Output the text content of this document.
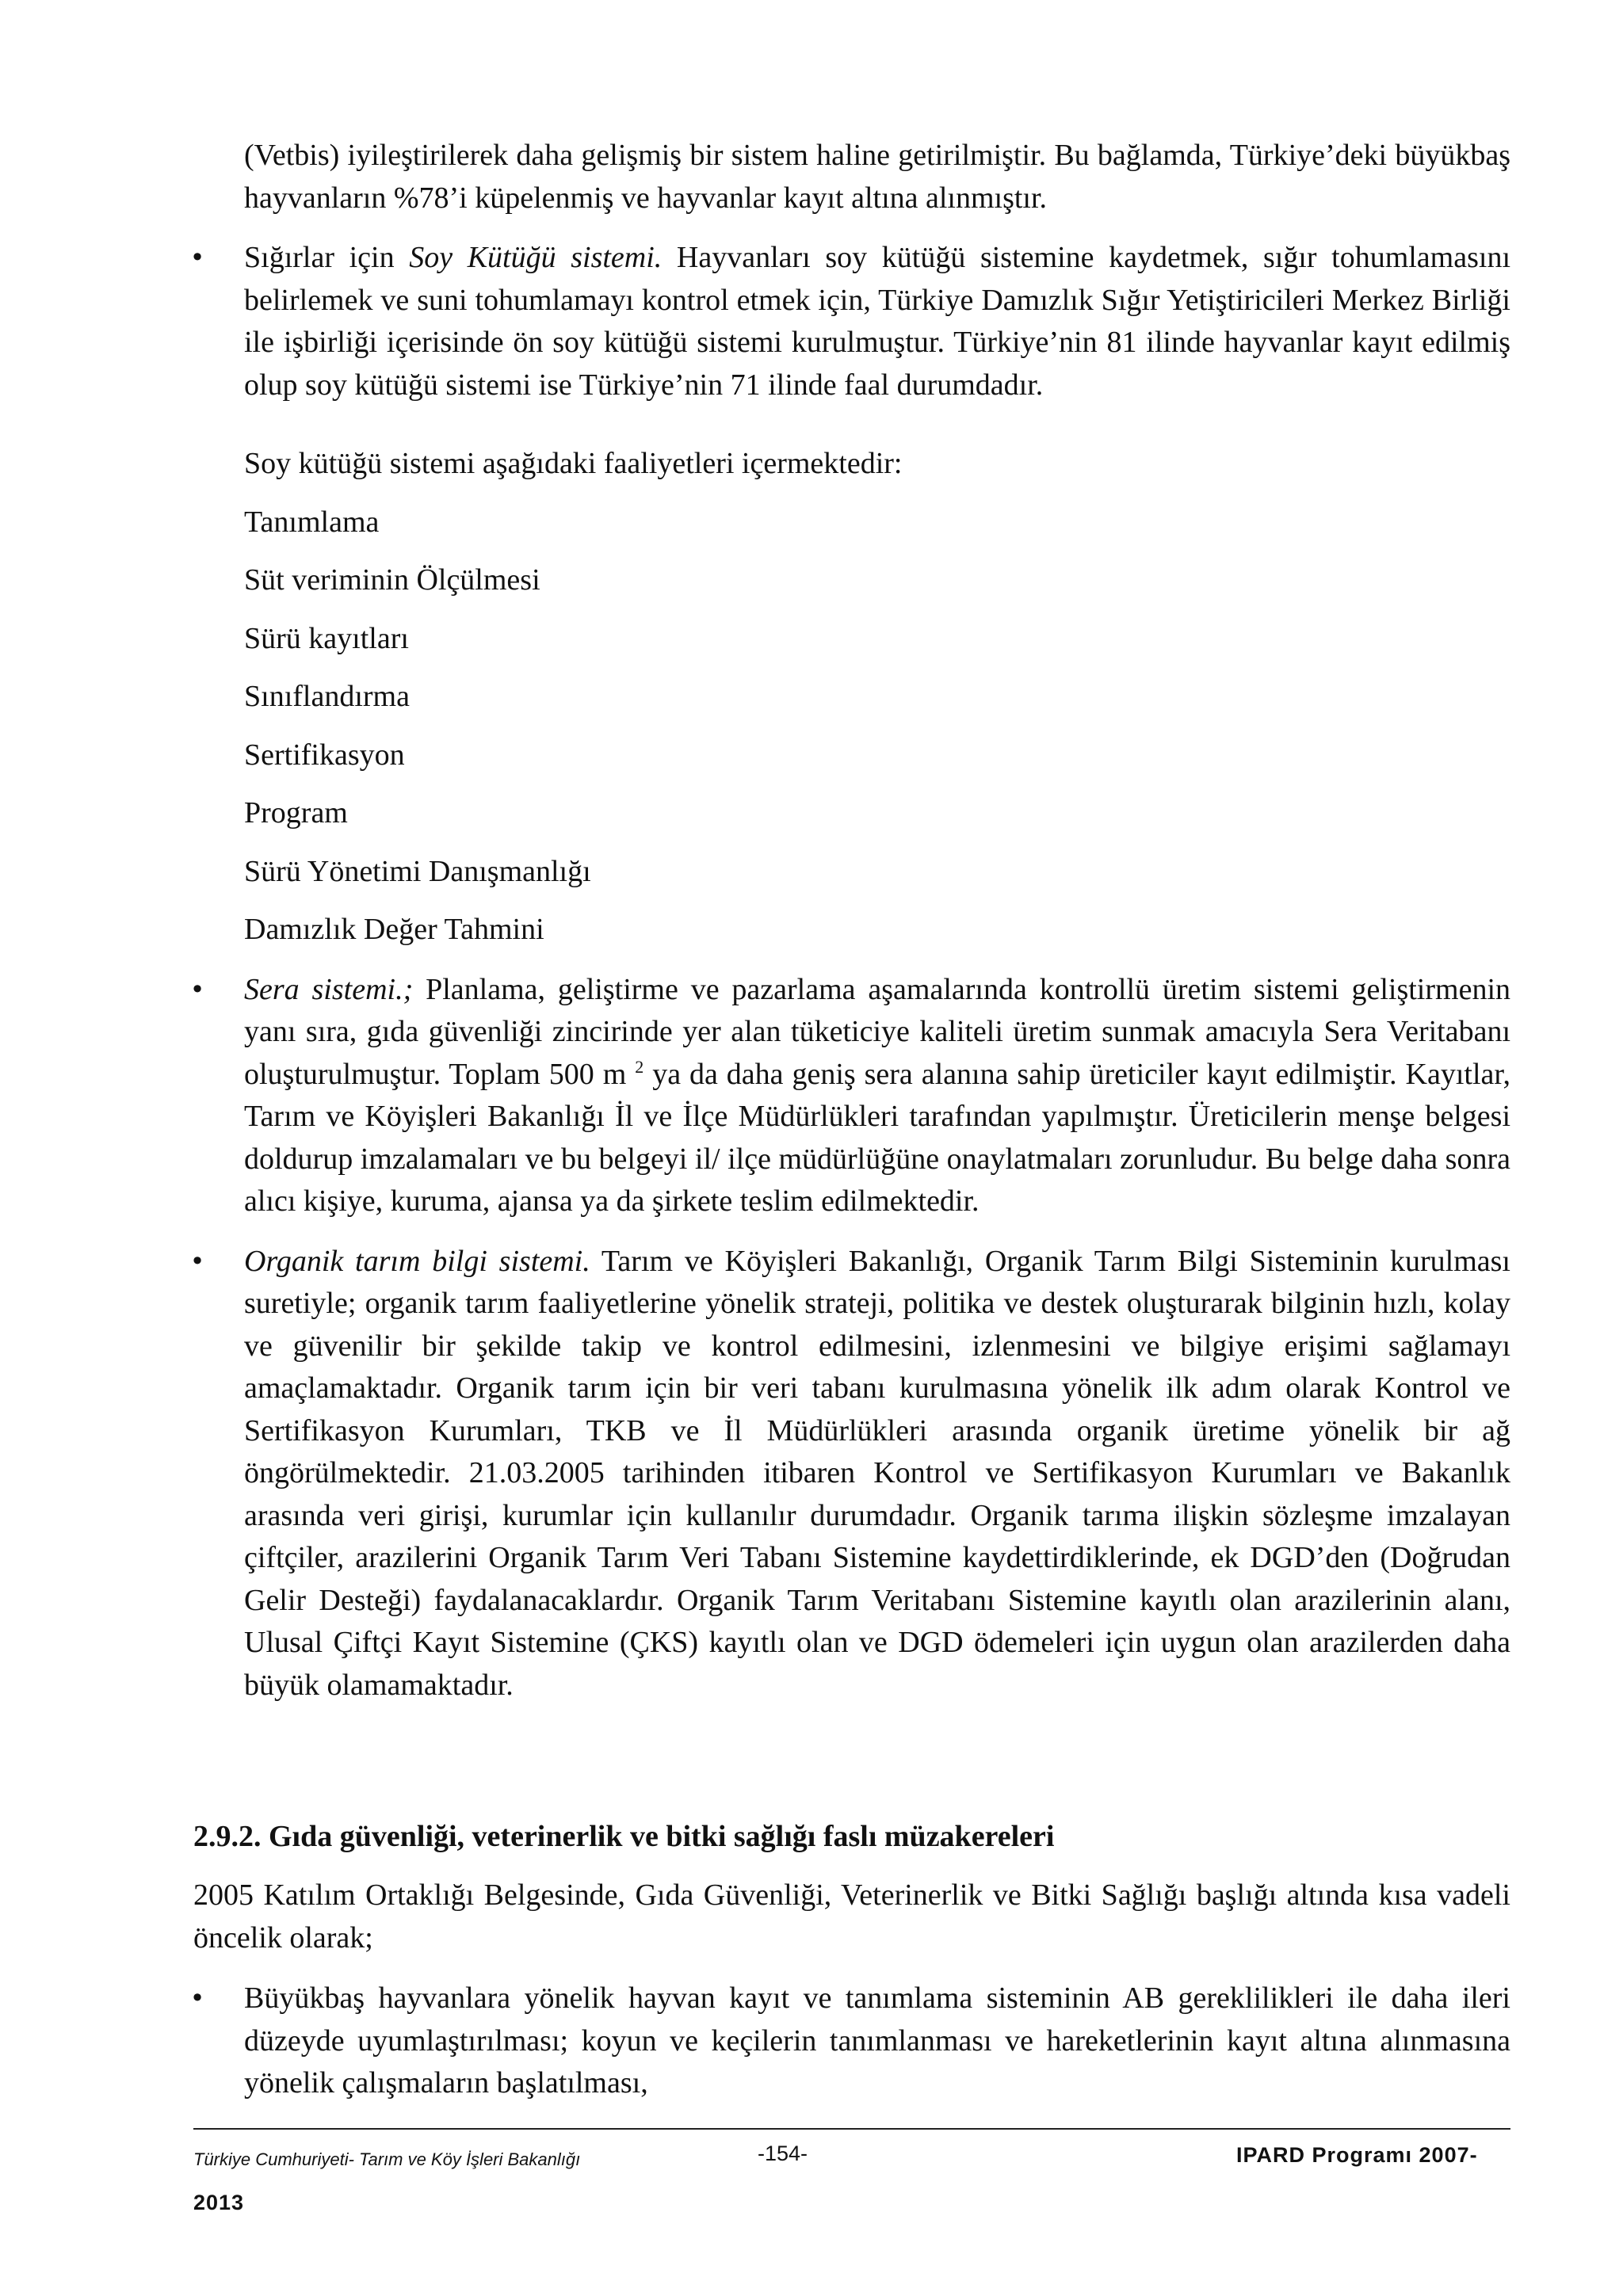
(Vetbis) iyileştirilerek daha gelişmiş bir sistem haline getirilmiştir. Bu bağlamda, Türkiye’deki büyükbaş hayvanların %78’i küpelenmiş ve hayvanlar kayıt altına alınmıştır.

• Sığırlar için Soy Kütüğü sistemi. Hayvanları soy kütüğü sistemine kaydetmek, sığır tohumlamasını belirlemek ve suni tohumlamayı kontrol etmek için, Türkiye Damızlık Sığır Yetiştiricileri Merkez Birliği ile işbirliği içerisinde ön soy kütüğü sistemi kurulmuştur. Türkiye’nin 81 ilinde hayvanlar kayıt edilmiş olup soy kütüğü sistemi ise Türkiye’nin 71 ilinde faal durumdadır.

Soy kütüğü sistemi aşağıdaki faaliyetleri içermektedir:

Tanımlama

Süt veriminin Ölçülmesi

Sürü kayıtları

Sınıflandırma

Sertifikasyon

Program

Sürü Yönetimi Danışmanlığı

Damızlık Değer Tahmini

• Sera sistemi.; Planlama, geliştirme ve pazarlama aşamalarında kontrollü üretim sistemi geliştirmenin yanı sıra, gıda güvenliği zincirinde yer alan tüketiciye kaliteli üretim sunmak amacıyla Sera Veritabanı oluşturulmuştur. Toplam 500 m $^2$ ya da daha geniş sera alanına sahip üreticiler kayıt edilmiştir. Kayıtlar, Tarım ve Köyişleri Bakanlığı İl ve İlçe Müdürlükleri tarafından yapılmıştır. Üreticilerin menşe belgesi doldurup imzalamaları ve bu belgeyi il/ ilçe müdürlüğüne onaylatmaları zorunludur. Bu belge daha sonra alıcı kişiye, kuruma, ajansa ya da şirkete teslim edilmektedir.

• Organik tarım bilgi sistemi. Tarım ve Köyişleri Bakanlığı, Organik Tarım Bilgi Sisteminin kurulması suretiyle; organik tarım faaliyetlerine yönelik strateji, politika ve destek oluşturarak bilginin hızlı, kolay ve güvenilir bir şekilde takip ve kontrol edilmesini, izlenmesini ve bilgiye erişimi sağlamayı amaçlamaktadır. Organik tarım için bir veri tabanı kurulmasına yönelik ilk adım olarak Kontrol ve Sertifikasyon Kurumları, TKB ve İl Müdürlükleri arasında organik üretime yönelik bir ağ öngörülmektedir. 21.03.2005 tarihinden itibaren Kontrol ve Sertifikasyon Kurumları ve Bakanlık arasında veri girişi, kurumlar için kullanılır durumdadır. Organik tarıma ilişkin sözleşme imzalayan çiftçiler, arazilerini Organik Tarım Veri Tabanı Sistemine kaydettirdiklerinde, ek DGD’den (Doğrudan Gelir Desteği) faydalanacaklardır. Organik Tarım Veritabanı Sistemine kayıtlı olan arazilerinin alanı, Ulusal Çiftçi Kayıt Sistemine (ÇKS) kayıtlı olan ve DGD ödemeleri için uygun olan arazilerden daha büyük olamamaktadır.

2.9.2. Gıda güvenliği, veterinerlik ve bitki sağlığı faslı müzakereleri

2005 Katılım Ortaklığı Belgesinde, Gıda Güvenliği, Veterinerlik ve Bitki Sağlığı başlığı altında kısa vadeli öncelik olarak;

• Büyükbaş hayvanlara yönelik hayvan kayıt ve tanımlama sisteminin AB gereklilikleri ile daha ileri düzeyde uyumlaştırılması; koyun ve keçilerin tanımlanması ve hareketlerinin kayıt altına alınmasına yönelik çalışmaların başlatılması,

Türkiye Cumhuriyeti- Tarım ve Köy İşleri Bakanlığı	-154-	IPARD Programı 2007-
2013
